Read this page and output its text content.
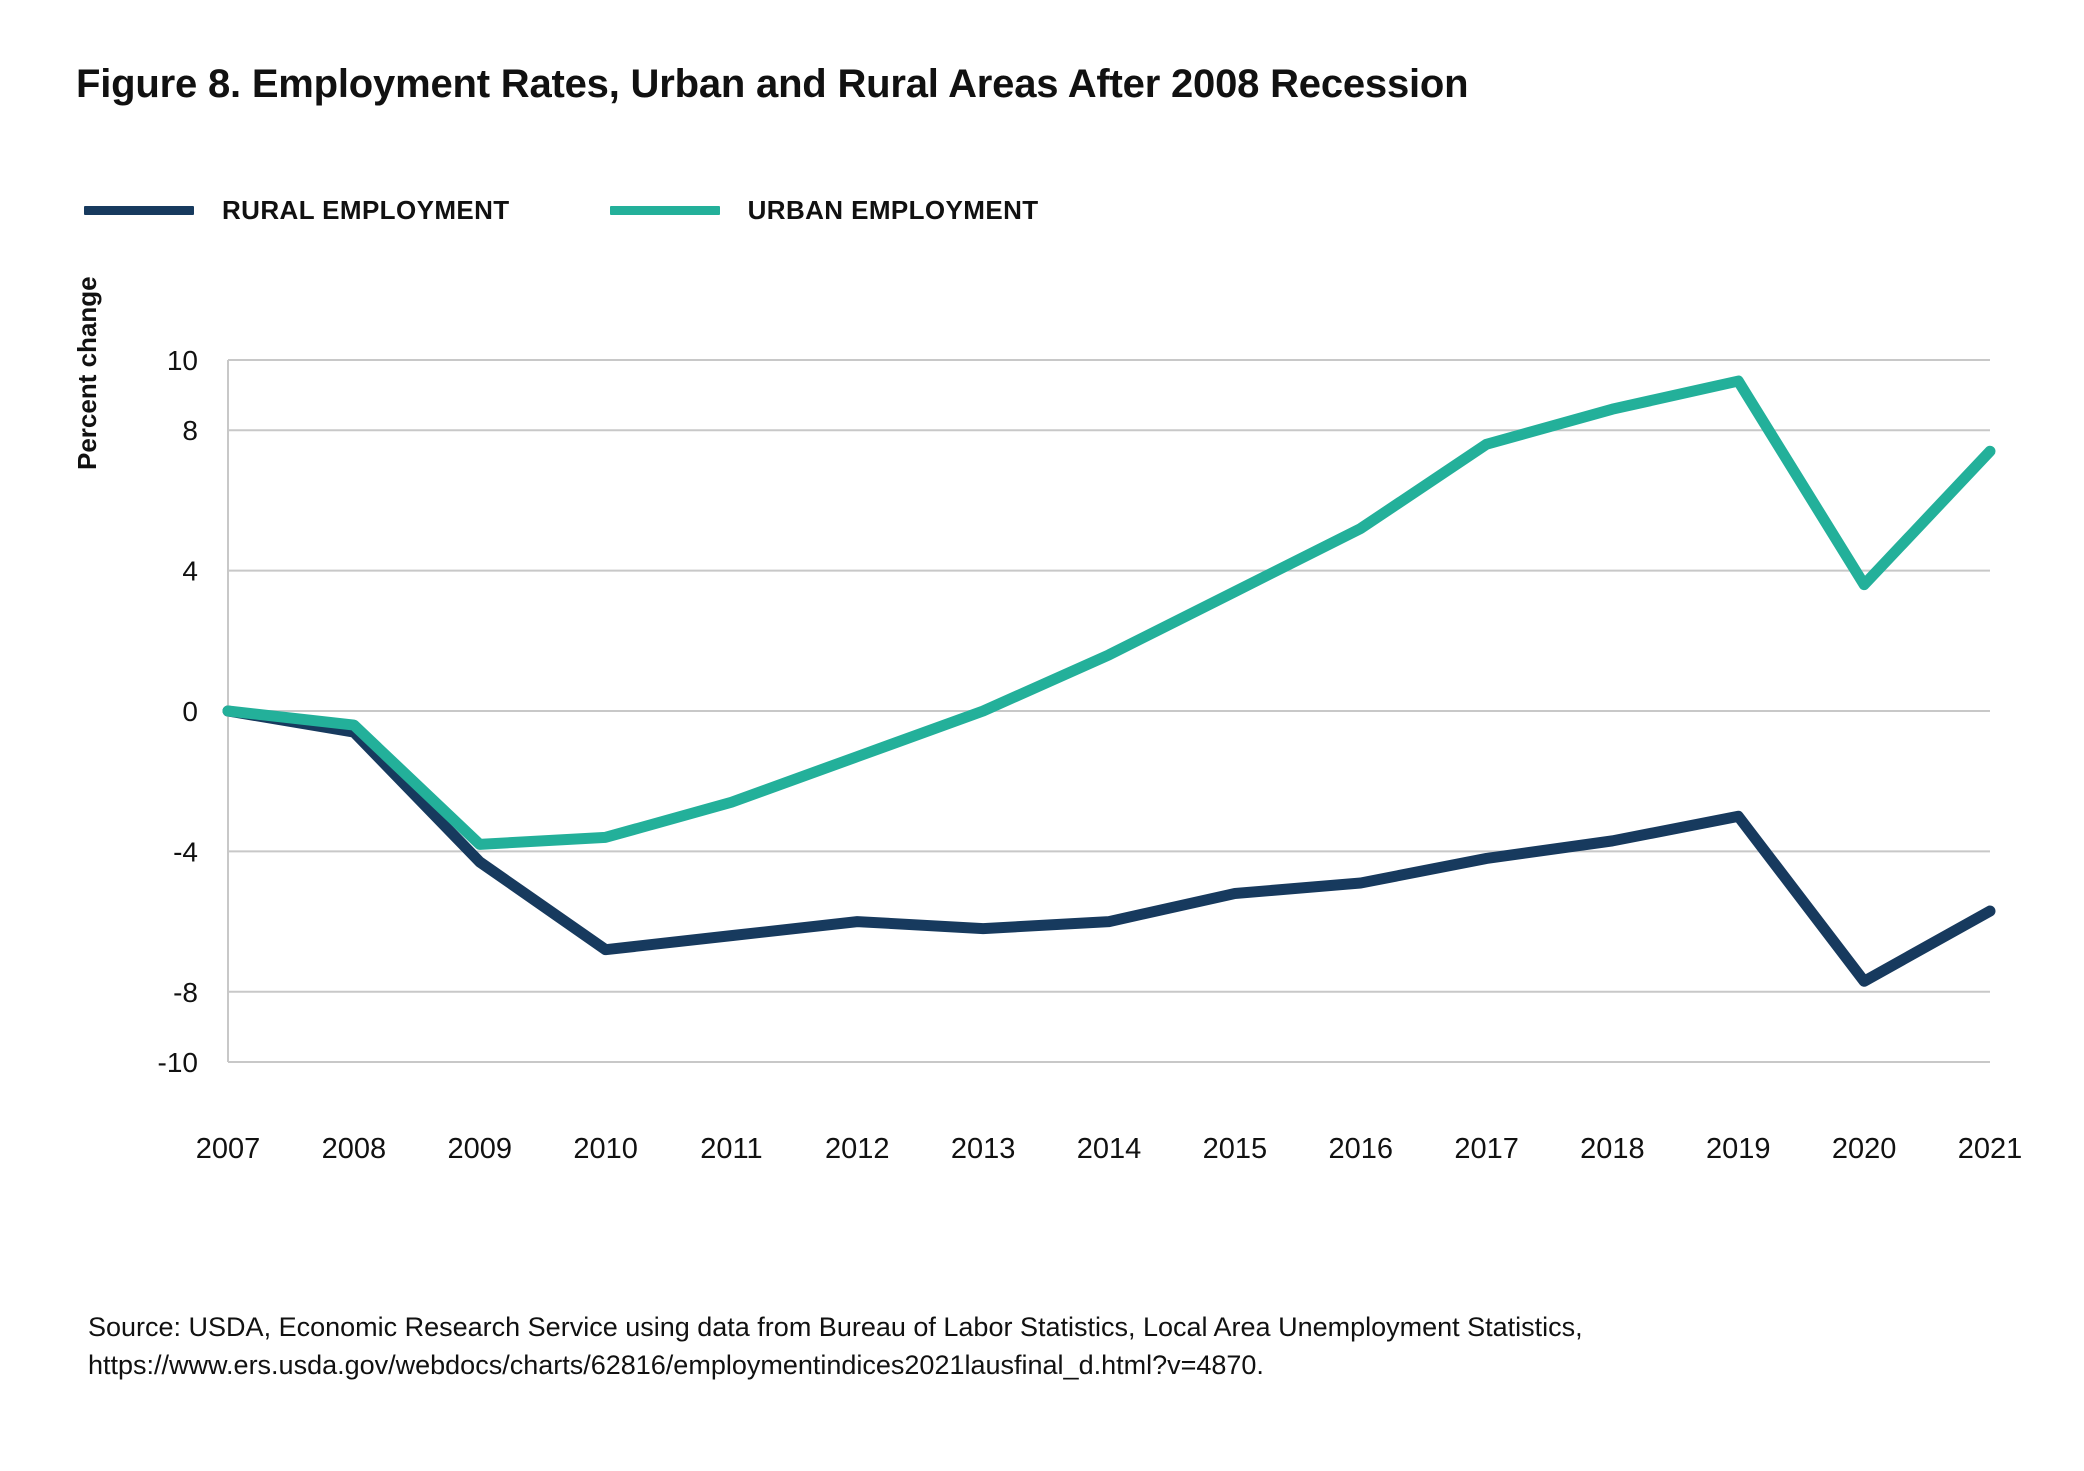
Figure 8. Employment Rates, Urban and Rural Areas After 2008 Recession
RURAL EMPLOYMENT	URBAN EMPLOYMENT
Percent change
-10
-8
-4
0
4
8
10
2007 2008 2009 2010 2011 2012 2013 2014 2015 2016 2017 2018 2019 2020 2021
Source: USDA, Economic Research Service using data from Bureau of Labor Statistics, Local Area Unemployment Statistics,
https://www.ers.usda.gov/webdocs/charts/62816/employmentindices2021lausfinal_d.html?v=4870.
